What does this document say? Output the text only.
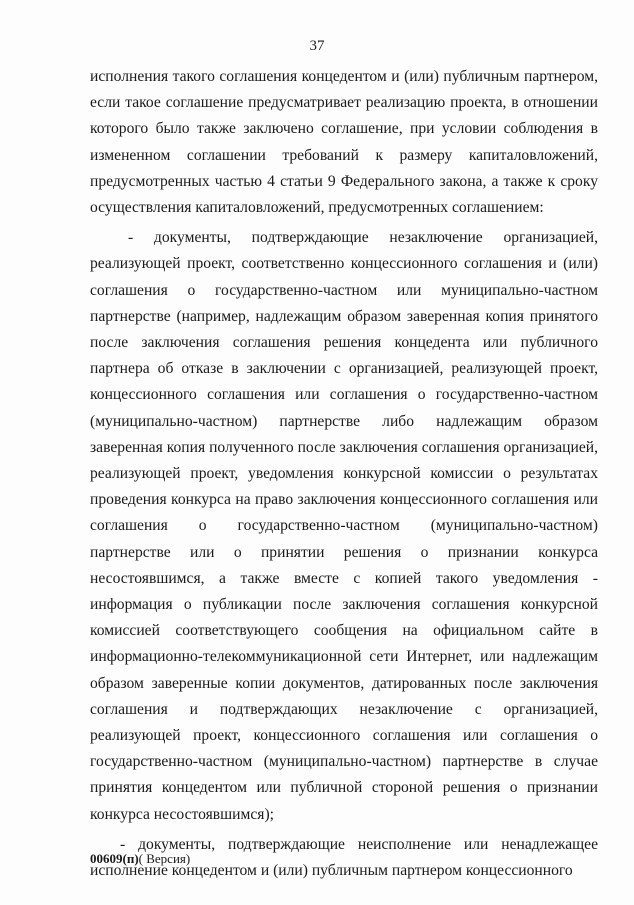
37

исполнения такого соглашения концедентом и (или) публичным партнером, если такое соглашение предусматривает реализацию проекта, в отношении которого было также заключено соглашение, при условии соблюдения в измененном соглашении требований к размеру капиталовложений, предусмотренных частью 4 статьи 9 Федерального закона, а также к сроку осуществления капиталовложений, предусмотренных соглашением:

- документы, подтверждающие незаключение организацией, реализующей проект, соответственно концессионного соглашения и (или) соглашения о государственно-частном или муниципально-частном партнерстве (например, надлежащим образом заверенная копия принятого после заключения соглашения решения концедента или публичного партнера об отказе в заключении с организацией, реализующей проект, концессионного соглашения или соглашения о государственно-частном (муниципально-частном) партнерстве либо надлежащим образом заверенная копия полученного после заключения соглашения организацией, реализующей проект, уведомления конкурсной комиссии о результатах проведения конкурса на право заключения концессионного соглашения или соглашения о государственно-частном (муниципально-частном) партнерстве или о принятии решения о признании конкурса несостоявшимся, а также вместе с копией такого уведомления - информация о публикации после заключения соглашения конкурсной комиссией соответствующего сообщения на официальном сайте в информационно-телекоммуникационной сети Интернет, или надлежащим образом заверенные копии документов, датированных после заключения соглашения и подтверждающих незаключение с организацией, реализующей проект, концессионного соглашения или соглашения о государственно-частном (муниципально-частном) партнерстве в случае принятия концедентом или публичной стороной решения о признании конкурса несостоявшимся);

- документы, подтверждающие неисполнение или ненадлежащее исполнение концедентом и (или) публичным партнером концессионного

00609(п)( Версия)
